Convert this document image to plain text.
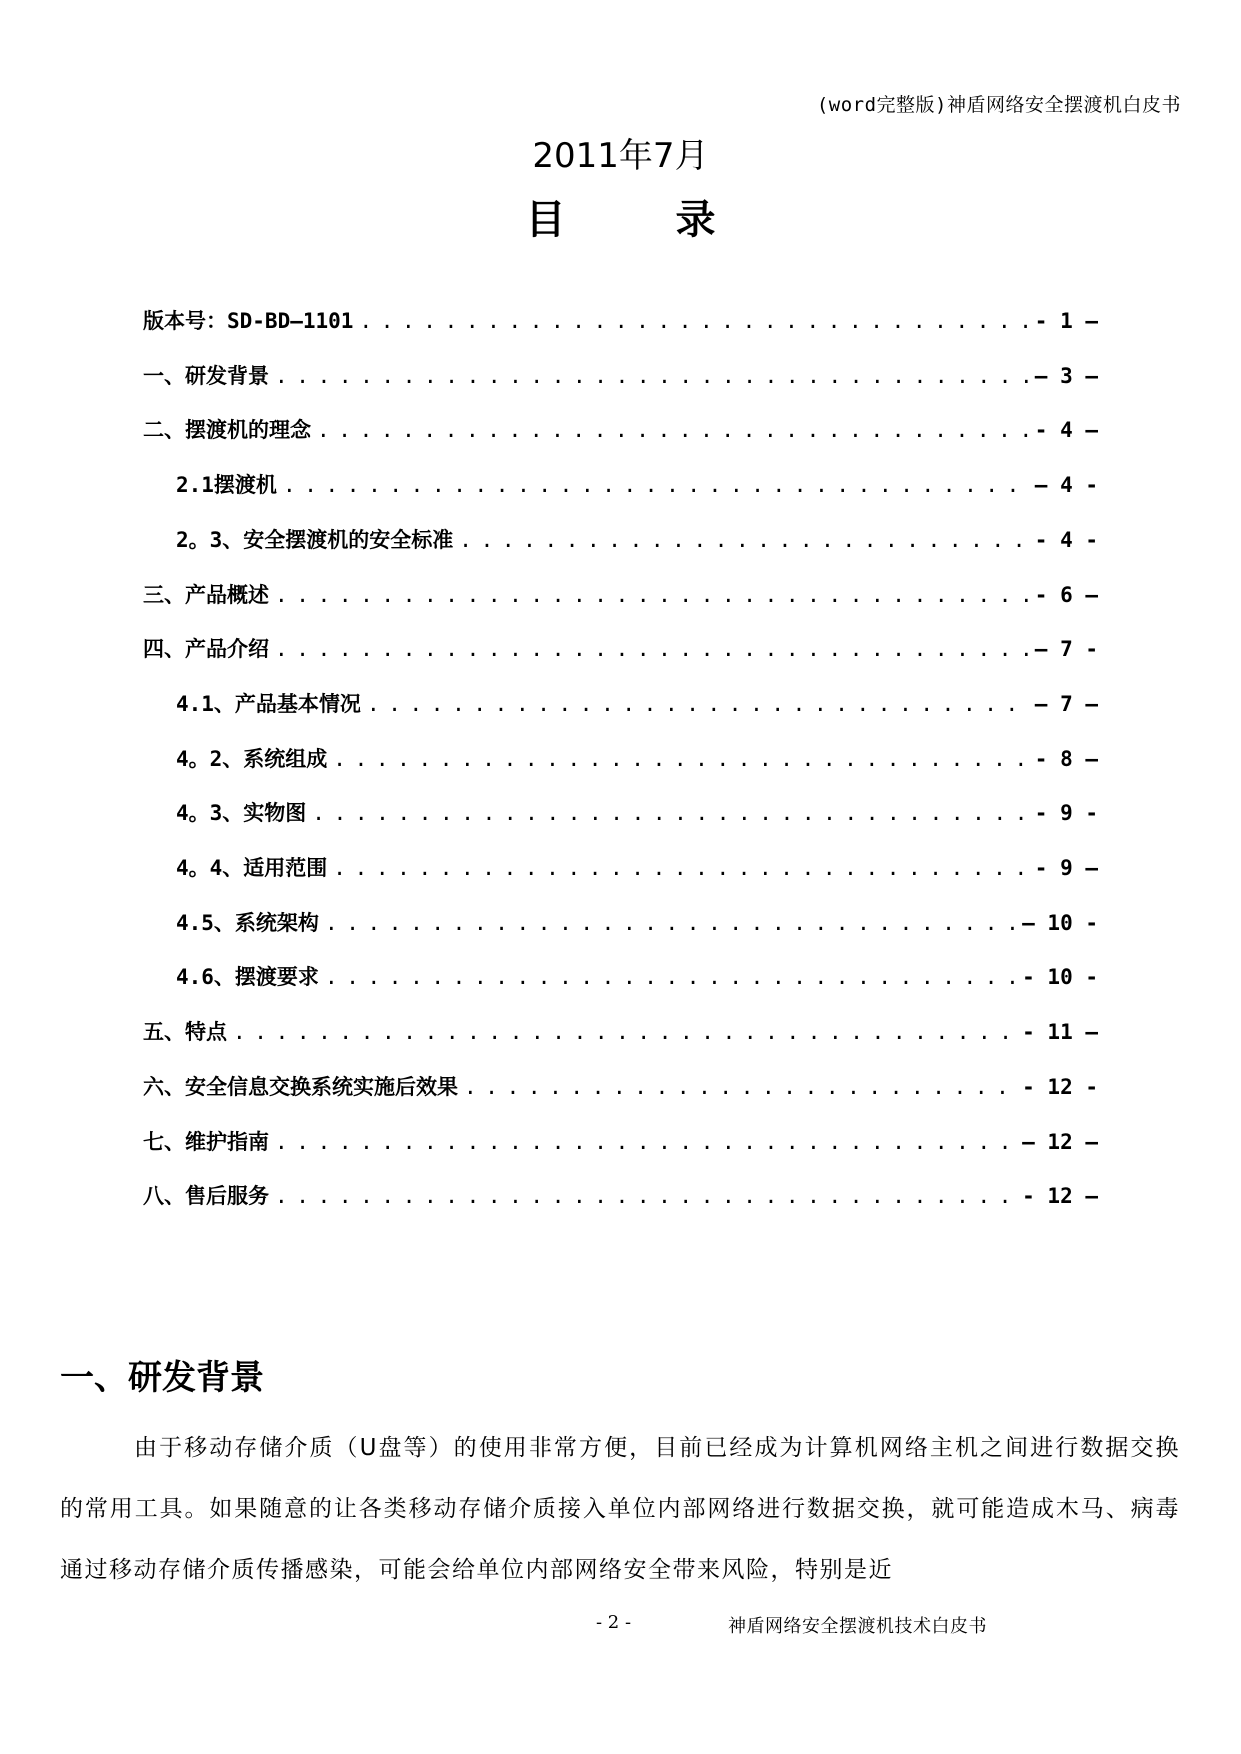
(word完整版)神盾网络安全摆渡机白皮书
2011年7月
目录
版本号：SD-BD—1101 . . .	- 1 —
一、研发背景 . . .	— 3 —
二、摆渡机的理念 . . .	- 4 —
2.1摆渡机 . . .	— 4 -
2。3、安全摆渡机的安全标准 . . .	- 4 -
三、产品概述 . . .	- 6 —
四、产品介绍 . . .	— 7 -
4.1、产品基本情况 . . .	— 7 —
4。2、系统组成 . . .	- 8 —
4。3、实物图 . . .	- 9 -
4。4、适用范围 . . .	- 9 —
4.5、系统架构 . . .	— 10 -
4.6、摆渡要求 . . .	- 10 -
五、特点 . . .	- 11 —
六、安全信息交换系统实施后效果 . . .	- 12 -
七、维护指南 . . .	— 12 —
八、售后服务 . . .	- 12 —
一、研发背景
由于移动存储介质（U盘等）的使用非常方便，目前已经成为计算机网络主机之间进行数据交换的常用工具。如果随意的让各类移动存储介质接入单位内部网络进行数据交换，就可能造成木马、病毒通过移动存储介质传播感染，可能会给单位内部网络安全带来风险，特别是近
- 2 -	神盾网络安全摆渡机技术白皮书
